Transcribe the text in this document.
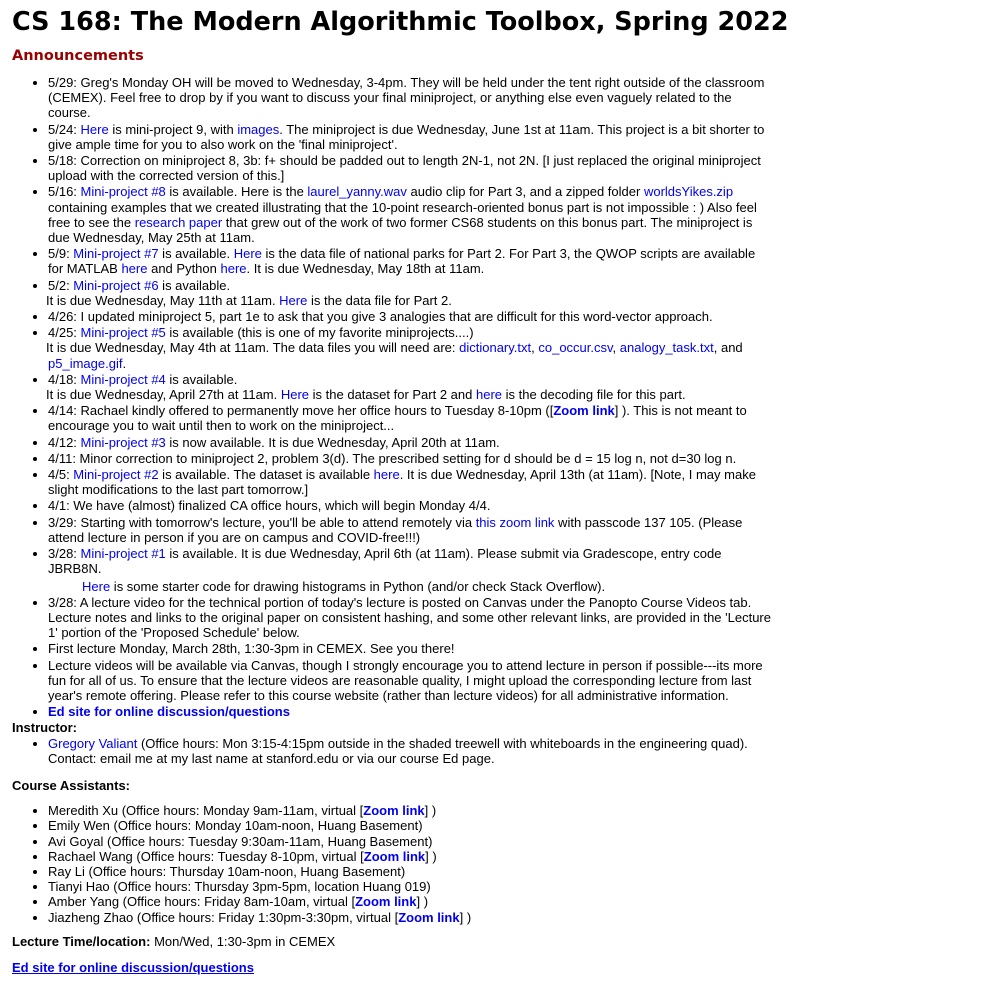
CS 168: The Modern Algorithmic Toolbox, Spring 2022
Announcements
• 5/29: Greg's Monday OH will be moved to Wednesday, 3-4pm. They will be held under the tent right outside of the classroom (CEMEX). Feel free to drop by if you want to discuss your final miniproject, or anything else even vaguely related to the course.
• 5/24: Here is mini-project 9, with images. The miniproject is due Wednesday, June 1st at 11am. This project is a bit shorter to give ample time for you to also work on the 'final miniproject'.
• 5/18: Correction on miniproject 8, 3b: f+ should be padded out to length 2N-1, not 2N. [I just replaced the original miniproject upload with the corrected version of this.]
• 5/16: Mini-project #8 is available. Here is the laurel_yanny.wav audio clip for Part 3, and a zipped folder worldsYikes.zip containing examples that we created illustrating that the 10-point research-oriented bonus part is not impossible : ) Also feel free to see the research paper that grew out of the work of two former CS68 students on this bonus part. The miniproject is due Wednesday, May 25th at 11am.
• 5/9: Mini-project #7 is available. Here is the data file of national parks for Part 2. For Part 3, the QWOP scripts are available for MATLAB here and Python here. It is due Wednesday, May 18th at 11am.
• 5/2: Mini-project #6 is available.
It is due Wednesday, May 11th at 11am. Here is the data file for Part 2.
• 4/26: I updated miniproject 5, part 1e to ask that you give 3 analogies that are difficult for this word-vector approach.
• 4/25: Mini-project #5 is available (this is one of my favorite miniprojects....)
It is due Wednesday, May 4th at 11am. The data files you will need are: dictionary.txt, co_occur.csv, analogy_task.txt, and p5_image.gif.
• 4/18: Mini-project #4 is available.
It is due Wednesday, April 27th at 11am. Here is the dataset for Part 2 and here is the decoding file for this part.
• 4/14: Rachael kindly offered to permanently move her office hours to Tuesday 8-10pm ([Zoom link] ). This is not meant to encourage you to wait until then to work on the miniproject...
• 4/12: Mini-project #3 is now available. It is due Wednesday, April 20th at 11am.
• 4/11: Minor correction to miniproject 2, problem 3(d). The prescribed setting for d should be d = 15 log n, not d=30 log n.
• 4/5: Mini-project #2 is available. The dataset is available here. It is due Wednesday, April 13th (at 11am). [Note, I may make slight modifications to the last part tomorrow.]
• 4/1: We have (almost) finalized CA office hours, which will begin Monday 4/4.
• 3/29: Starting with tomorrow's lecture, you'll be able to attend remotely via this zoom link with passcode 137 105. (Please attend lecture in person if you are on campus and COVID-free!!!)
• 3/28: Mini-project #1 is available. It is due Wednesday, April 6th (at 11am). Please submit via Gradescope, entry code JBRB8N.
Here is some starter code for drawing histograms in Python (and/or check Stack Overflow).
• 3/28: A lecture video for the technical portion of today's lecture is posted on Canvas under the Panopto Course Videos tab. Lecture notes and links to the original paper on consistent hashing, and some other relevant links, are provided in the 'Lecture 1' portion of the 'Proposed Schedule' below.
• First lecture Monday, March 28th, 1:30-3pm in CEMEX. See you there!
• Lecture videos will be available via Canvas, though I strongly encourage you to attend lecture in person if possible---its more fun for all of us. To ensure that the lecture videos are reasonable quality, I might upload the corresponding lecture from last year's remote offering. Please refer to this course website (rather than lecture videos) for all administrative information.
• Ed site for online discussion/questions
Instructor:
• Gregory Valiant (Office hours: Mon 3:15-4:15pm outside in the shaded treewell with whiteboards in the engineering quad). Contact: email me at my last name at stanford.edu or via our course Ed page.
Course Assistants:
• Meredith Xu (Office hours: Monday 9am-11am, virtual [Zoom link] )
• Emily Wen (Office hours: Monday 10am-noon, Huang Basement)
• Avi Goyal (Office hours: Tuesday 9:30am-11am, Huang Basement)
• Rachael Wang (Office hours: Tuesday 8-10pm, virtual [Zoom link] )
• Ray Li (Office hours: Thursday 10am-noon, Huang Basement)
• Tianyi Hao (Office hours: Thursday 3pm-5pm, location Huang 019)
• Amber Yang (Office hours: Friday 8am-10am, virtual [Zoom link] )
• Jiazheng Zhao (Office hours: Friday 1:30pm-3:30pm, virtual [Zoom link] )
Lecture Time/location: Mon/Wed, 1:30-3pm in CEMEX
Ed site for online discussion/questions
